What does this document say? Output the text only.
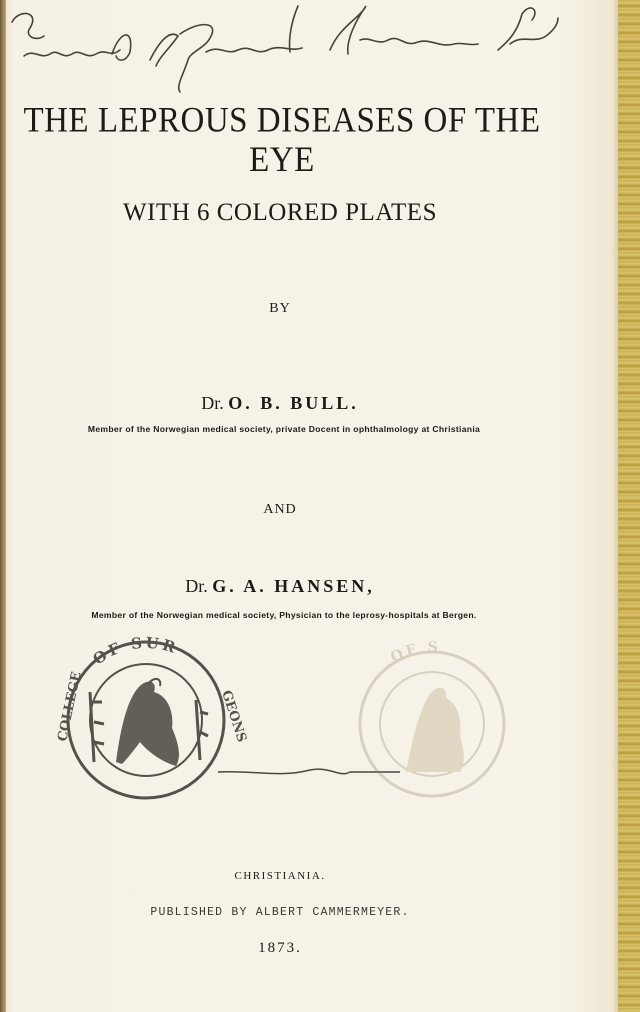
THE LEPROUS DISEASES OF THE EYE
WITH 6 COLORED PLATES
BY
Dr. O. B. BULL.
Member of the Norwegian medical society, private Docent in ophthalmology at Christiania
AND
Dr. G. A. HANSEN,
Member of the Norwegian medical society, Physician to the leprosy-hospitals at Bergen.
OF SUR
COLLEGE	GEONS
OF S
CHRISTIANIA.
PUBLISHED BY ALBERT CAMMERMEYER.
1873.
